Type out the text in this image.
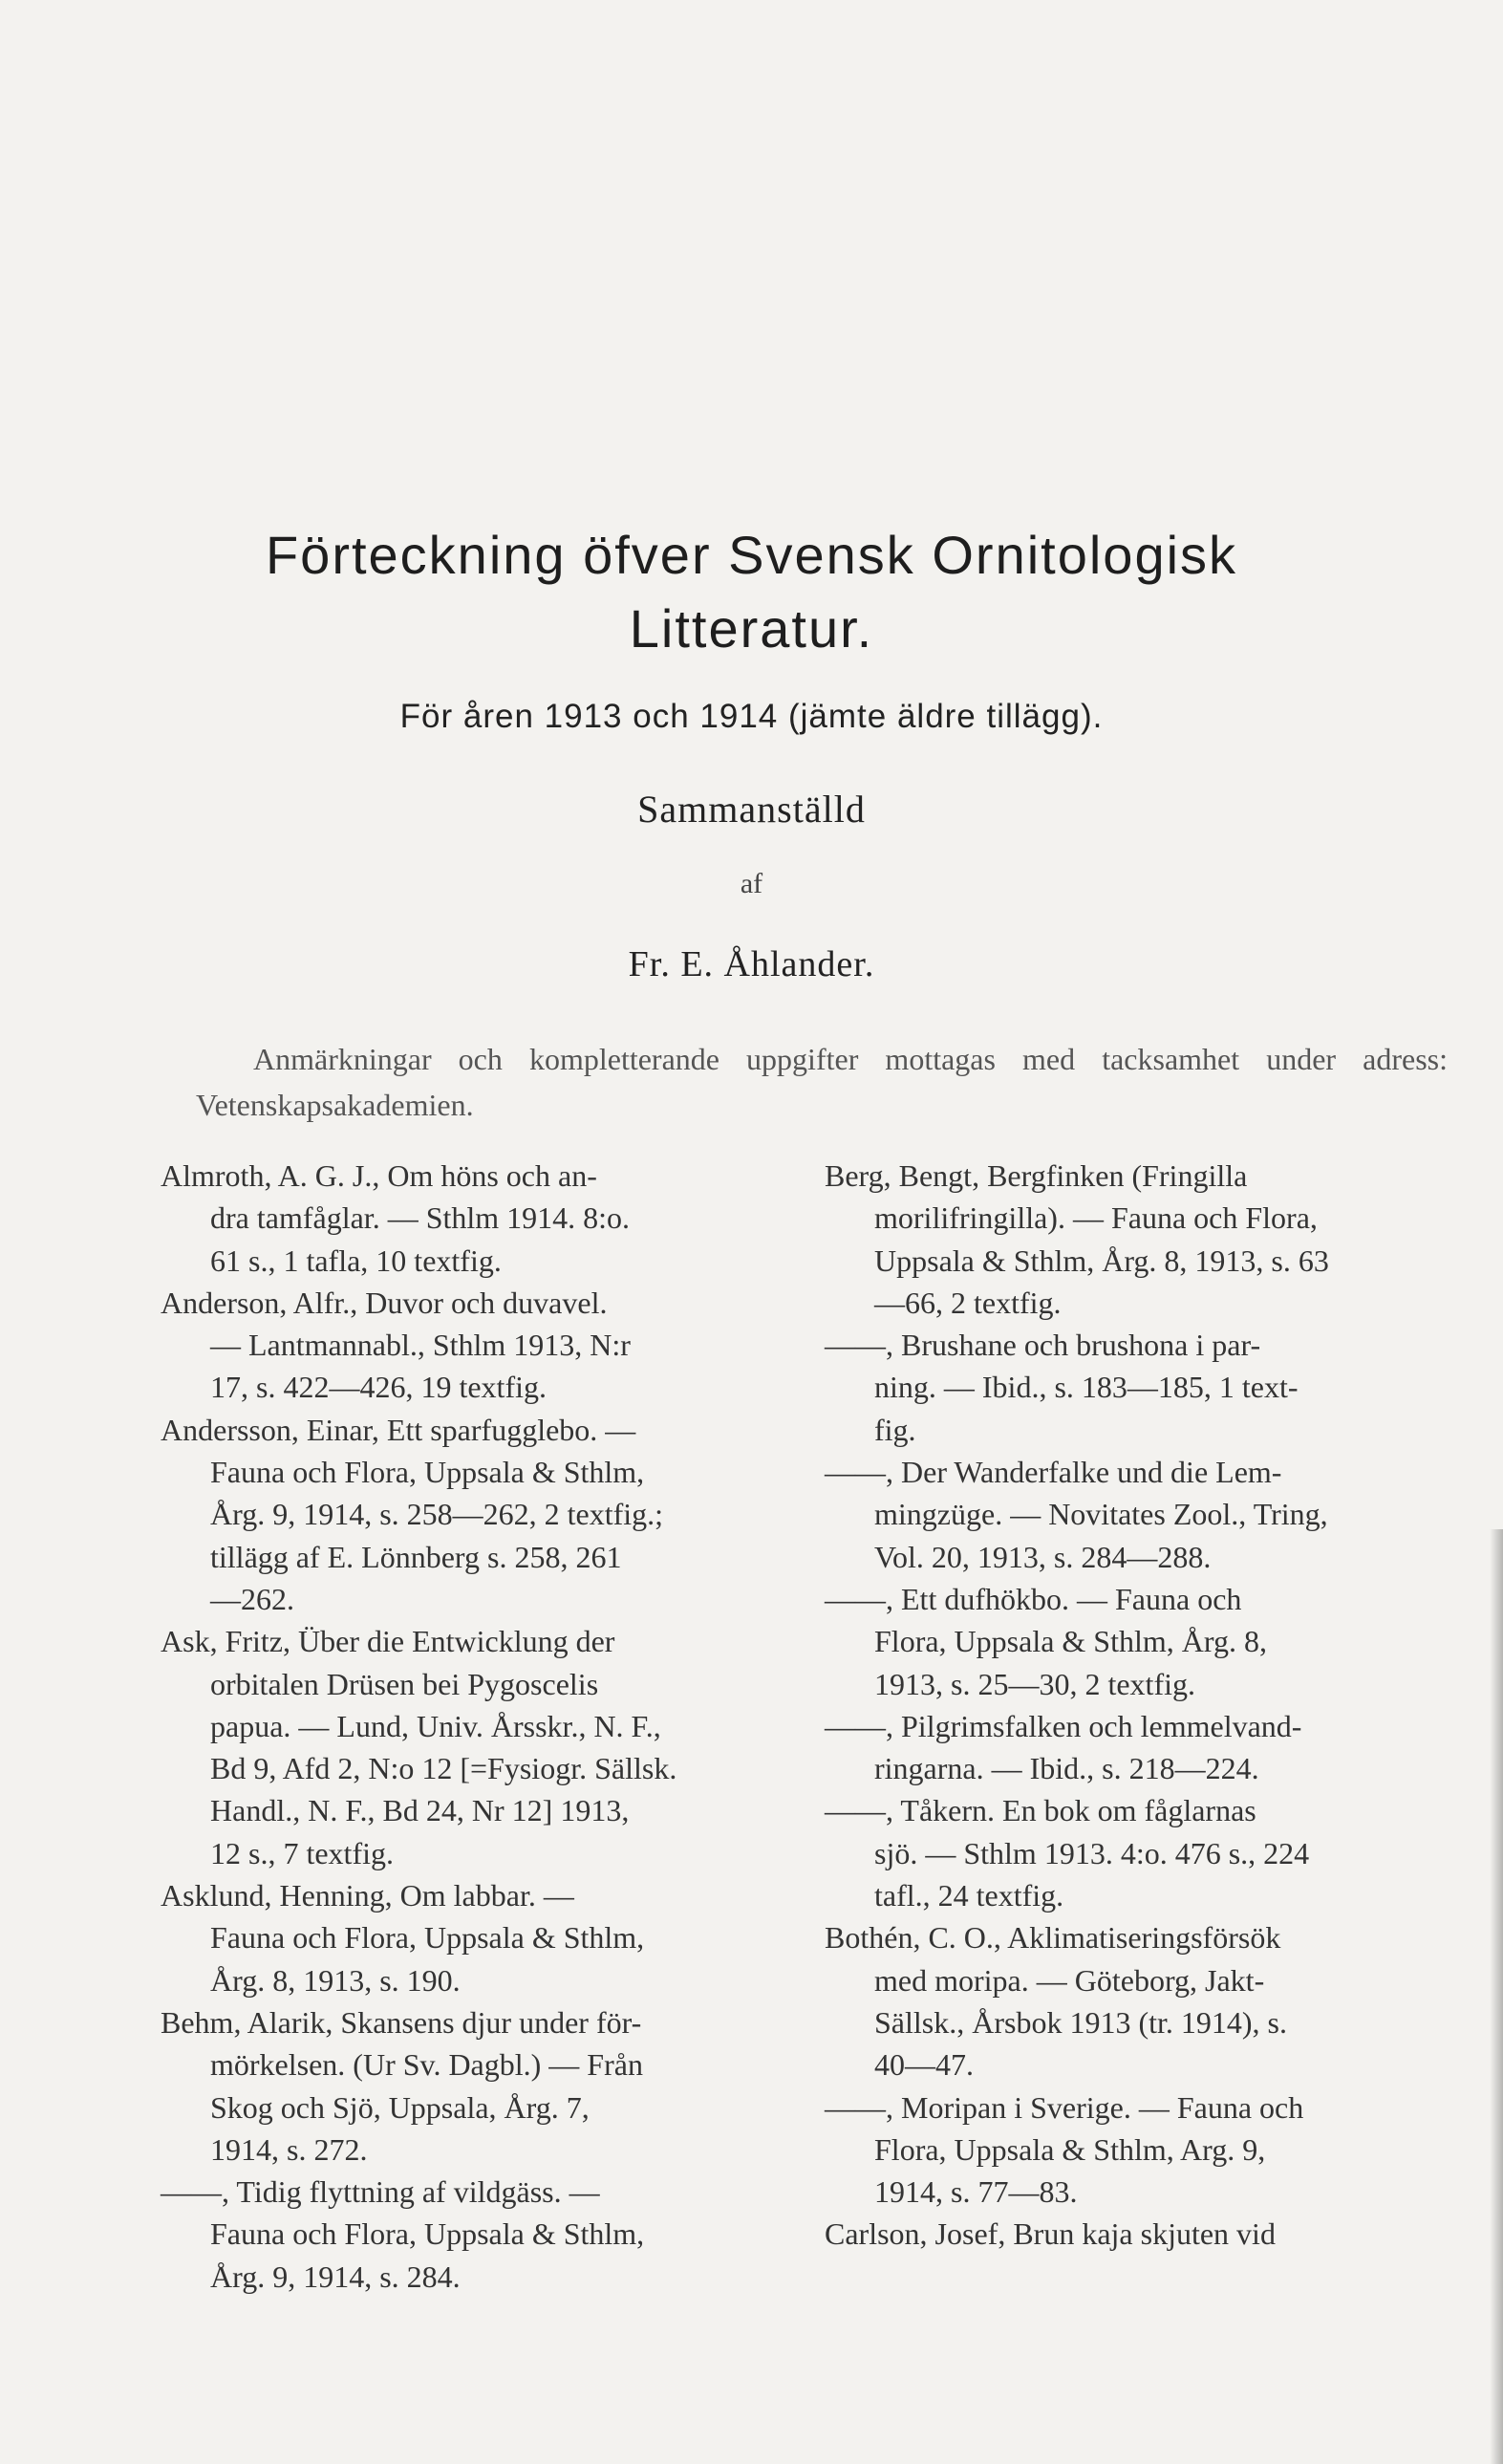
Förteckning öfver Svensk Ornitologisk
Litteratur.
För åren 1913 och 1914 (jämte äldre tillägg).
Sammanställd
af
Fr. E. Åhlander.
Anmärkningar och kompletterande uppgifter mottagas med tacksamhet under adress: Vetenskapsakademien.
Almroth, A. G. J., Om höns och an-
dra tamfåglar. — Sthlm 1914. 8:o.
61 s., 1 tafla, 10 textfig.
Anderson, Alfr., Duvor och duvavel.
— Lantmannabl., Sthlm 1913, N:r
17, s. 422—426, 19 textfig.
Andersson, Einar, Ett sparfugglebo. —
Fauna och Flora, Uppsala & Sthlm,
Årg. 9, 1914, s. 258—262, 2 textfig.;
tillägg af E. Lönnberg s. 258, 261
—262.
Ask, Fritz, Über die Entwicklung der
orbitalen Drüsen bei Pygoscelis
papua. — Lund, Univ. Årsskr., N. F.,
Bd 9, Afd 2, N:o 12 [=Fysiogr. Sällsk.
Handl., N. F., Bd 24, Nr 12] 1913,
12 s., 7 textfig.
Asklund, Henning, Om labbar. —
Fauna och Flora, Uppsala & Sthlm,
Årg. 8, 1913, s. 190.
Behm, Alarik, Skansens djur under för-
mörkelsen. (Ur Sv. Dagbl.) — Från
Skog och Sjö, Uppsala, Årg. 7,
1914, s. 272.
——, Tidig flyttning af vildgäss. —
Fauna och Flora, Uppsala & Sthlm,
Årg. 9, 1914, s. 284.
Berg, Bengt, Bergfinken (Fringilla
morilifringilla). — Fauna och Flora,
Uppsala & Sthlm, Årg. 8, 1913, s. 63
—66, 2 textfig.
——, Brushane och brushona i par-
ning. — Ibid., s. 183—185, 1 text-
fig.
——, Der Wanderfalke und die Lem-
mingzüge. — Novitates Zool., Tring,
Vol. 20, 1913, s. 284—288.
——, Ett dufhökbo. — Fauna och
Flora, Uppsala & Sthlm, Årg. 8,
1913, s. 25—30, 2 textfig.
——, Pilgrimsfalken och lemmelvand-
ringarna. — Ibid., s. 218—224.
——, Tåkern. En bok om fåglarnas
sjö. — Sthlm 1913. 4:o. 476 s., 224
tafl., 24 textfig.
Bothén, C. O., Aklimatiseringsförsök
med moripa. — Göteborg, Jakt-
Sällsk., Årsbok 1913 (tr. 1914), s.
40—47.
——, Moripan i Sverige. — Fauna och
Flora, Uppsala & Sthlm, Arg. 9,
1914, s. 77—83.
Carlson, Josef, Brun kaja skjuten vid
